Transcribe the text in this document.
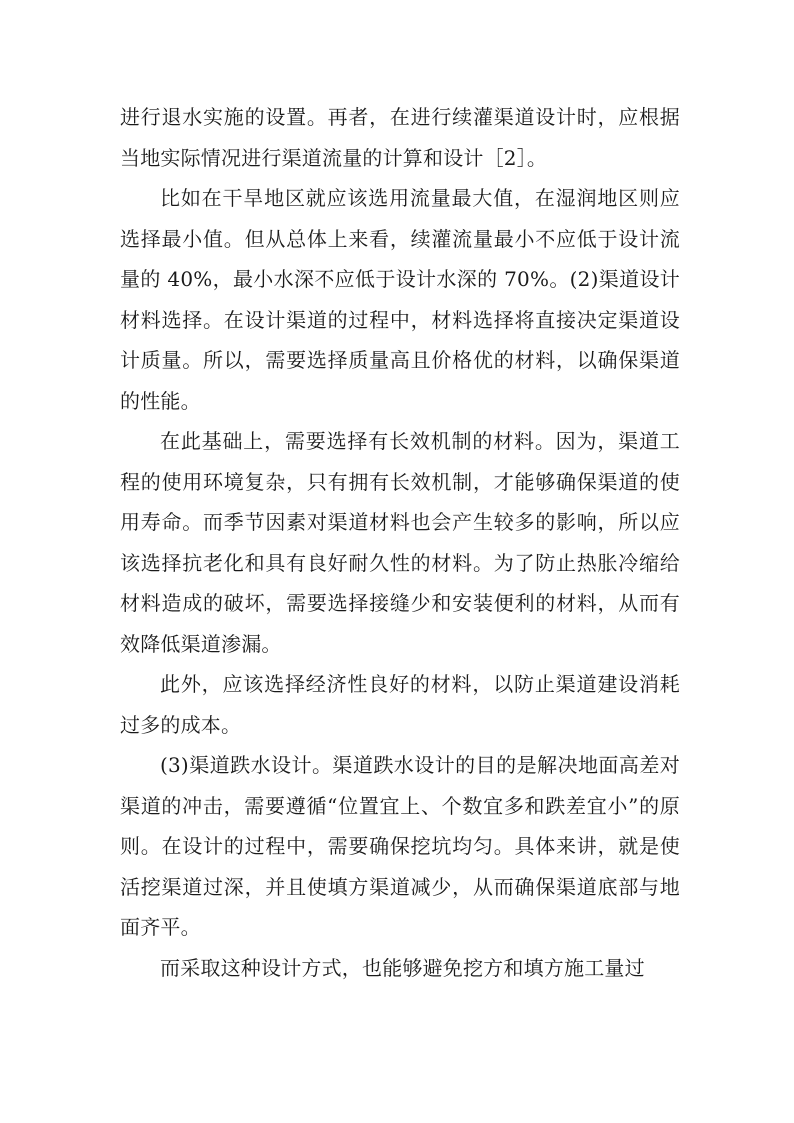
进行退水实施的设置。再者，在进行续灌渠道设计时，应根据当地实际情况进行渠道流量的计算和设计［2］。

比如在干旱地区就应该选用流量最大值，在湿润地区则应选择最小值。但从总体上来看，续灌流量最小不应低于设计流量的 40%，最小水深不应低于设计水深的 70%。(2)渠道设计材料选择。在设计渠道的过程中，材料选择将直接决定渠道设计质量。所以，需要选择质量高且价格优的材料，以确保渠道的性能。

在此基础上，需要选择有长效机制的材料。因为，渠道工程的使用环境复杂，只有拥有长效机制，才能够确保渠道的使用寿命。而季节因素对渠道材料也会产生较多的影响，所以应该选择抗老化和具有良好耐久性的材料。为了防止热胀冷缩给材料造成的破坏，需要选择接缝少和安装便利的材料，从而有效降低渠道渗漏。

此外，应该选择经济性良好的材料，以防止渠道建设消耗过多的成本。

(3)渠道跌水设计。渠道跌水设计的目的是解决地面高差对渠道的冲击，需要遵循“位置宜上、个数宜多和跌差宜小”的原则。在设计的过程中，需要确保挖坑均匀。具体来讲，就是使活挖渠道过深，并且使填方渠道减少，从而确保渠道底部与地面齐平。

而采取这种设计方式，也能够避免挖方和填方施工量过
